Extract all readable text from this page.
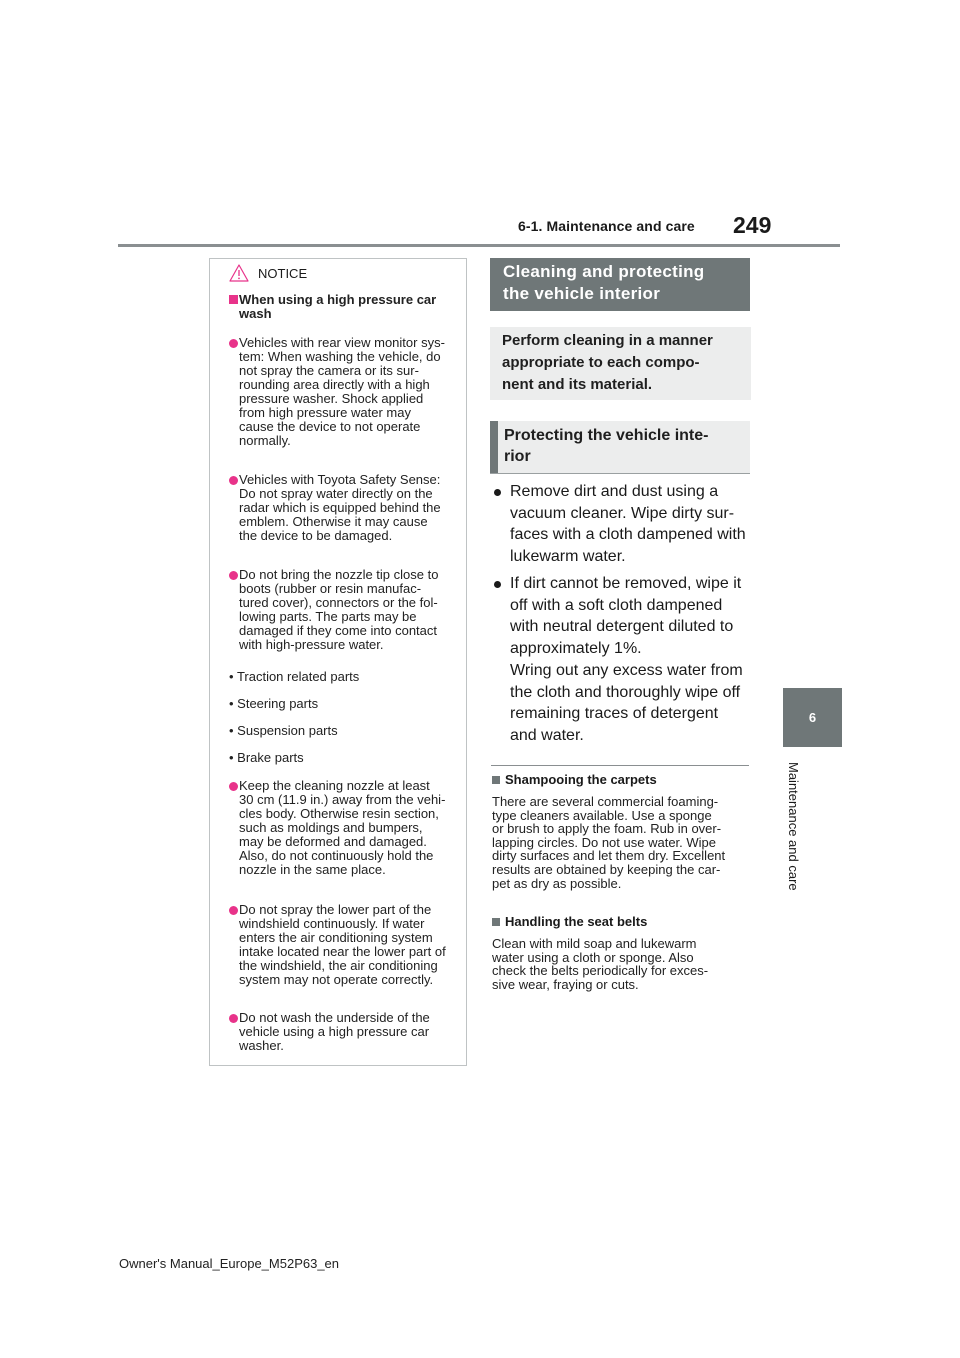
6-1. Maintenance and care 249
6
Maintenance and care
NOTICE
When using a high pressure car wash
Vehicles with rear view monitor sys-
tem: When washing the vehicle, do
not spray the camera or its sur-
rounding area directly with a high
pressure washer. Shock applied
from high pressure water may
cause the device to not operate
normally.
Vehicles with Toyota Safety Sense:
Do not spray water directly on the
radar which is equipped behind the
emblem. Otherwise it may cause
the device to be damaged.
Do not bring the nozzle tip close to
boots (rubber or resin manufac-
tured cover), connectors or the fol-
lowing parts. The parts may be
damaged if they come into contact
with high-pressure water.
• Traction related parts
• Steering parts
• Suspension parts
• Brake parts
Keep the cleaning nozzle at least
30 cm (11.9 in.) away from the vehi-
cles body. Otherwise resin section,
such as moldings and bumpers,
may be deformed and damaged.
Also, do not continuously hold the
nozzle in the same place.
Do not spray the lower part of the
windshield continuously. If water
enters the air conditioning system
intake located near the lower part of
the windshield, the air conditioning
system may not operate correctly.
Do not wash the underside of the
vehicle using a high pressure car
washer.
Cleaning and protecting
the vehicle interior
Perform cleaning in a manner
appropriate to each compo-
nent and its material.
Protecting the vehicle inte-
rior
Remove dirt and dust using a
vacuum cleaner. Wipe dirty sur-
faces with a cloth dampened with
lukewarm water.
If dirt cannot be removed, wipe it
off with a soft cloth dampened
with neutral detergent diluted to
approximately 1%.
Wring out any excess water from
the cloth and thoroughly wipe off
remaining traces of detergent
and water.
Shampooing the carpets
There are several commercial foaming-
type cleaners available. Use a sponge
or brush to apply the foam. Rub in over-
lapping circles. Do not use water. Wipe
dirty surfaces and let them dry. Excellent
results are obtained by keeping the car-
pet as dry as possible.
Handling the seat belts
Clean with mild soap and lukewarm
water using a cloth or sponge. Also
check the belts periodically for exces-
sive wear, fraying or cuts.
Owner's Manual_Europe_M52P63_en
